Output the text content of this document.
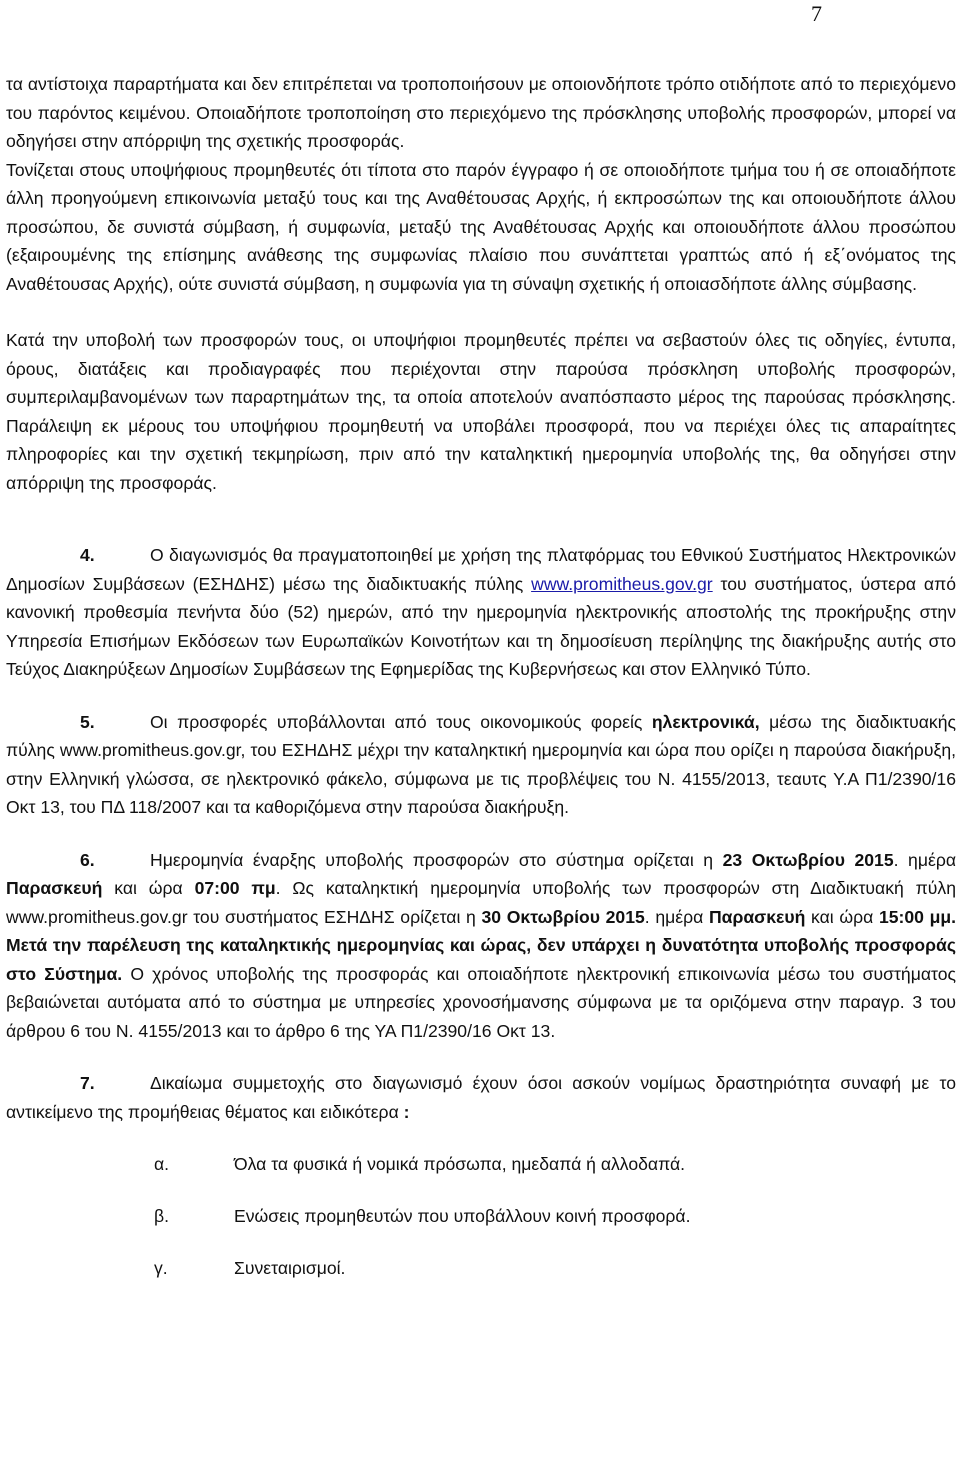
7

τα αντίστοιχα παραρτήματα και δεν επιτρέπεται να τροποποιήσουν με οποιονδήποτε τρόπο οτιδήποτε από το περιεχόμενο του παρόντος κειμένου. Οποιαδήποτε τροποποίηση στο περιεχόμενο της πρόσκλησης υποβολής προσφορών, μπορεί να οδηγήσει στην απόρριψη της σχετικής προσφοράς.

Τονίζεται στους υποψήφιους προμηθευτές ότι τίποτα στο παρόν έγγραφο ή σε οποιοδήποτε τμήμα του ή σε οποιαδήποτε άλλη προηγούμενη επικοινωνία μεταξύ τους και της Αναθέτουσας Αρχής, ή εκπροσώπων της και οποιουδήποτε άλλου προσώπου, δε συνιστά σύμβαση, ή συμφωνία, μεταξύ της Αναθέτουσας Αρχής και οποιουδήποτε άλλου προσώπου (εξαιρουμένης της επίσημης ανάθεσης της συμφωνίας πλαίσιο που συνάπτεται γραπτώς από ή εξ΄ονόματος της Αναθέτουσας Αρχής), ούτε συνιστά σύμβαση, η συμφωνία για τη σύναψη σχετικής ή οποιασδήποτε άλλης σύμβασης.

Κατά την υποβολή των προσφορών τους, οι υποψήφιοι προμηθευτές πρέπει να σεβαστούν όλες τις οδηγίες, έντυπα, όρους, διατάξεις και προδιαγραφές που περιέχονται στην παρούσα πρόσκληση υποβολής προσφορών, συμπεριλαμβανομένων των παραρτημάτων της, τα οποία αποτελούν αναπόσπαστο μέρος της παρούσας πρόσκλησης. Παράλειψη εκ μέρους του υποψήφιου προμηθευτή να υποβάλει προσφορά, που να περιέχει όλες τις απαραίτητες πληροφορίες και την σχετική τεκμηρίωση, πριν από την καταληκτική ημερομηνία υποβολής της, θα οδηγήσει στην απόρριψη της προσφοράς.

4.	Ο διαγωνισμός θα πραγματοποιηθεί με χρήση της πλατφόρμας του Εθνικού Συστήματος Ηλεκτρονικών Δημοσίων Συμβάσεων (ΕΣΗΔΗΣ) μέσω της διαδικτυακής πύλης www.promitheus.gov.gr του συστήματος, ύστερα από κανονική προθεσμία πενήντα δύο (52) ημερών, από την ημερομηνία ηλεκτρονικής αποστολής της προκήρυξης στην Υπηρεσία Επισήμων Εκδόσεων των Ευρωπαϊκών Κοινοτήτων και τη δημοσίευση περίληψης της διακήρυξης αυτής στο Τεύχος Διακηρύξεων Δημοσίων Συμβάσεων της Εφημερίδας της Κυβερνήσεως και στον Ελληνικό Τύπο.

5.	Οι προσφορές υποβάλλονται από τους οικονομικούς φορείς ηλεκτρονικά, μέσω της διαδικτυακής πύλης www.promitheus.gov.gr, του ΕΣΗΔΗΣ μέχρι την καταληκτική ημερομηνία και ώρα που ορίζει η παρούσα διακήρυξη, στην Ελληνική γλώσσα, σε ηλεκτρονικό φάκελο, σύμφωνα με τις προβλέψεις του Ν. 4155/2013, τεαυτς Υ.Α Π1/2390/16 Οκτ 13, του ΠΔ 118/2007 και τα καθοριζόμενα στην παρούσα διακήρυξη.

6.	Ημερομηνία έναρξης υποβολής προσφορών στο σύστημα ορίζεται η 23 Οκτωβρίου 2015. ημέρα Παρασκευή και ώρα 07:00 πμ. Ως καταληκτική ημερομηνία υποβολής των προσφορών στη Διαδικτυακή πύλη www.promitheus.gov.gr του συστήματος ΕΣΗΔΗΣ ορίζεται η 30 Οκτωβρίου 2015. ημέρα Παρασκευή και ώρα 15:00 μμ. Μετά την παρέλευση της καταληκτικής ημερομηνίας και ώρας, δεν υπάρχει η δυνατότητα υποβολής προσφοράς στο Σύστημα. Ο χρόνος υποβολής της προσφοράς και οποιαδήποτε ηλεκτρονική επικοινωνία μέσω του συστήματος βεβαιώνεται αυτόματα από το σύστημα με υπηρεσίες χρονοσήμανσης σύμφωνα με τα οριζόμενα στην παραγρ. 3 του άρθρου 6 του Ν. 4155/2013 και το άρθρο 6 της ΥΑ Π1/2390/16 Οκτ 13.

7.	Δικαίωμα συμμετοχής στο διαγωνισμό έχουν όσοι ασκούν νομίμως δραστηριότητα συναφή με το αντικείμενο της προμήθειας θέματος και ειδικότερα :

α.	Όλα τα φυσικά ή νομικά πρόσωπα, ημεδαπά ή αλλοδαπά.
β.	Ενώσεις προμηθευτών που υποβάλλουν κοινή προσφορά.
γ.	Συνεταιρισμοί.
